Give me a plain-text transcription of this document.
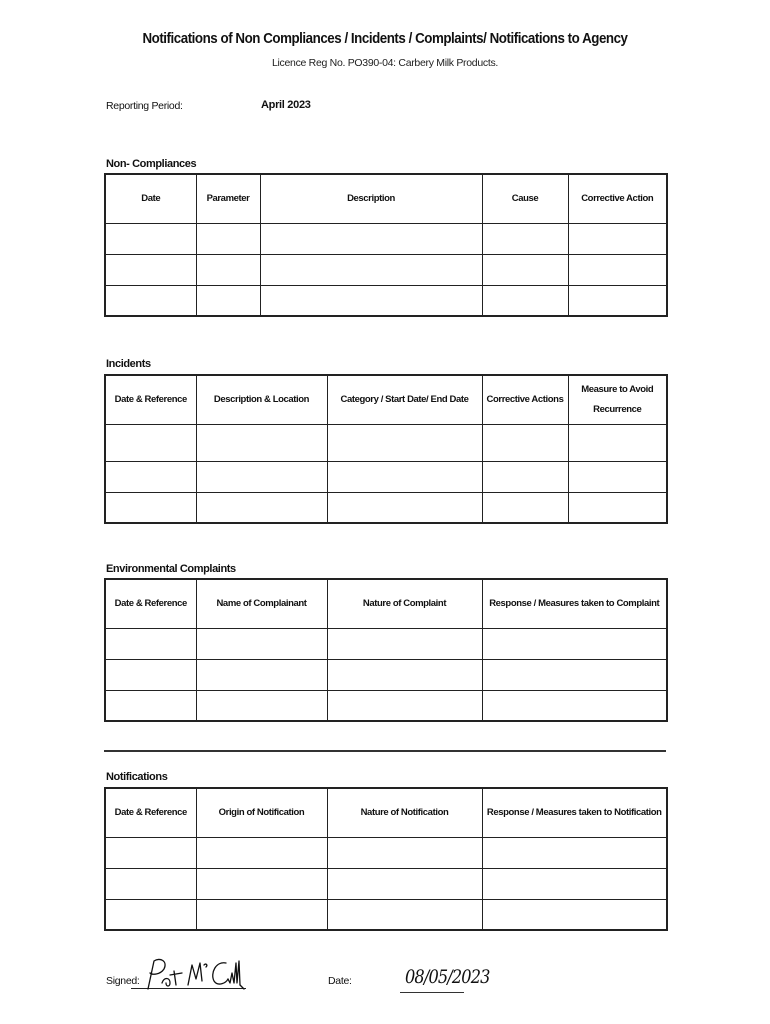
Notifications of Non Compliances / Incidents / Complaints/ Notifications to Agency
Licence Reg No. PO390-04: Carbery Milk Products.
Reporting Period:	April 2023
Non- Compliances
Date	Parameter	Description	Cause	Corrective Action

Incidents
Date & Reference	Description & Location	Category / Start Date/ End Date	Corrective Actions	Measure to Avoid Recurrence

Environmental Complaints
Date & Reference	Name of Complainant	Nature of Complaint	Response / Measures taken to Complaint

Notifications
Date & Reference	Origin of Notification	Nature of Notification	Response / Measures taken to Notification

Signed:	Date:	08/05/2023
